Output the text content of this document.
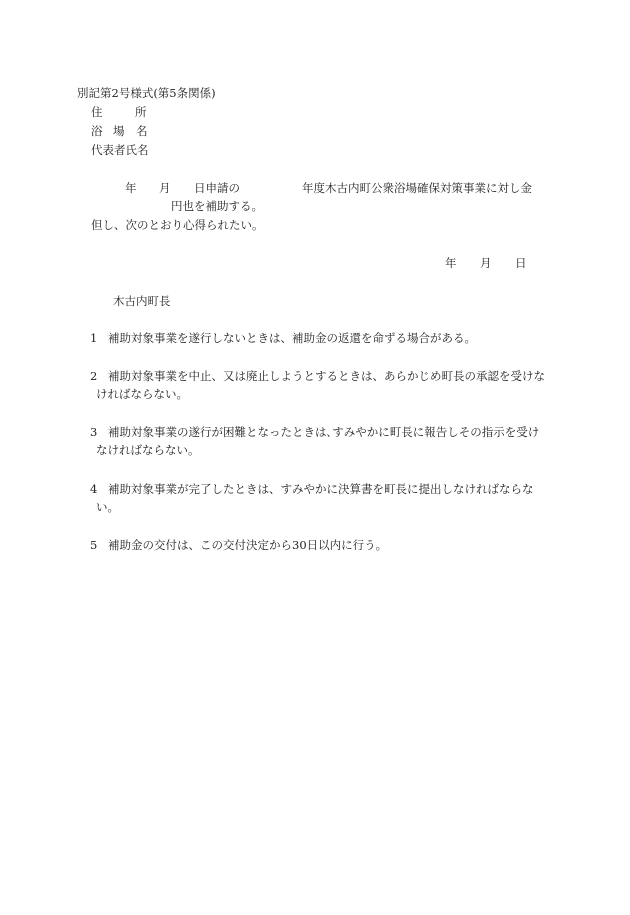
別記第2号様式(第5条関係)
住	所
浴 場 名
代表者氏名
年 月 日申請の	年度木古内町公衆浴場確保対策事業に対し金
円也を補助する。
但し、次のとおり心得られたい。
年 月 日
木古内町長
1 補助対象事業を遂行しないときは、補助金の返還を命ずる場合がある。
2 補助対象事業を中止、又は廃止しようとするときは、あらかじめ町長の承認を受けな
ければならない。
3 補助対象事業の遂行が困難となったときは､すみやかに町長に報告しその指示を受け
なければならない。
4 補助対象事業が完了したときは、すみやかに決算書を町長に提出しなければならな
い。
5 補助金の交付は、この交付決定から30日以内に行う。
